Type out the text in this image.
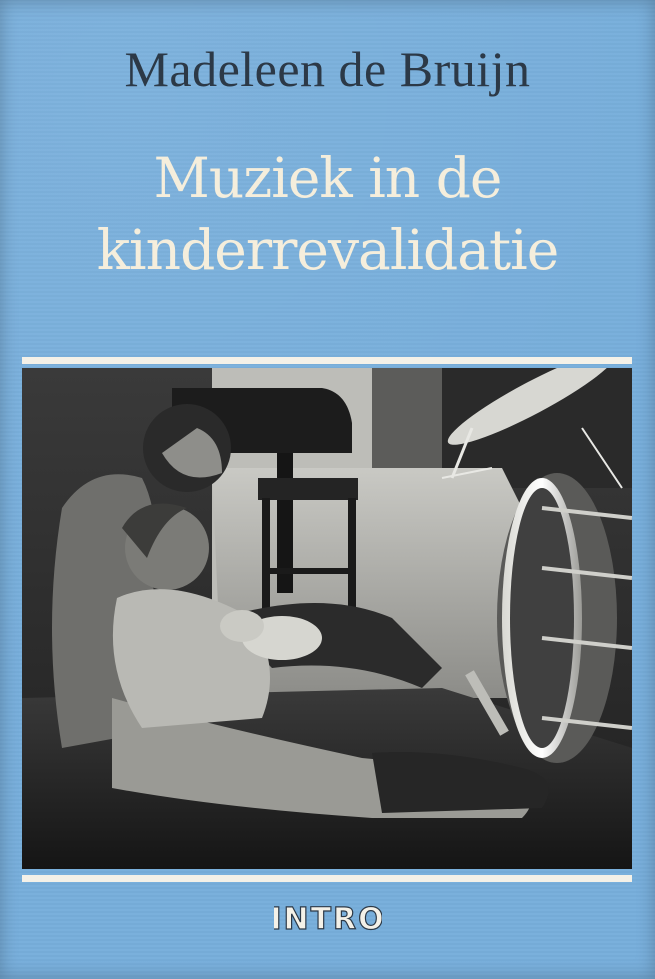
Madeleen de Bruijn
Muziek in de
kinderrevalidatie
INTRO
